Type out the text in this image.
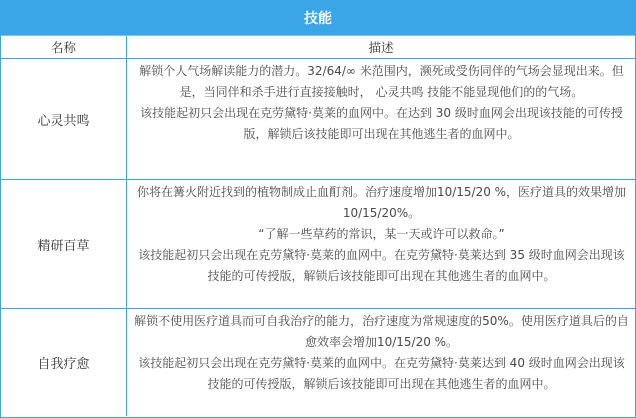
技能
名称	描述
心灵共鸣

解锁个人气场解读能力的潜力。32/64/∞ 米范围内，濒死或受伤同伴的气场会显现出来。但是，当同伴和杀手进行直接接触时， 心灵共鸣 技能不能显现他们的的气场。

该技能起初只会出现在克劳黛特·莫莱的血网中。在达到 30 级时血网会出现该技能的可传授版，解锁后该技能即可出现在其他逃生者的血网中。

精研百草

你将在篝火附近找到的植物制成止血酊剂。治疗速度增加10/15/20 %，医疗道具的效果增加10/15/20%。

“了解一些草药的常识，某一天或许可以救命。”

该技能起初只会出现在克劳黛特·莫莱的血网中。在克劳黛特·莫莱达到 35 级时血网会出现该技能的可传授版，解锁后该技能即可出现在其他逃生者的血网中。

自我疗愈

解锁不使用医疗道具而可自我治疗的能力，治疗速度为常规速度的50%。使用医疗道具后的自愈效率会增加10/15/20 %。

该技能起初只会出现在克劳黛特·莫莱的血网中。在克劳黛特·莫莱达到 40 级时血网会出现该技能的可传授版，解锁后该技能即可出现在其他逃生者的血网中。
